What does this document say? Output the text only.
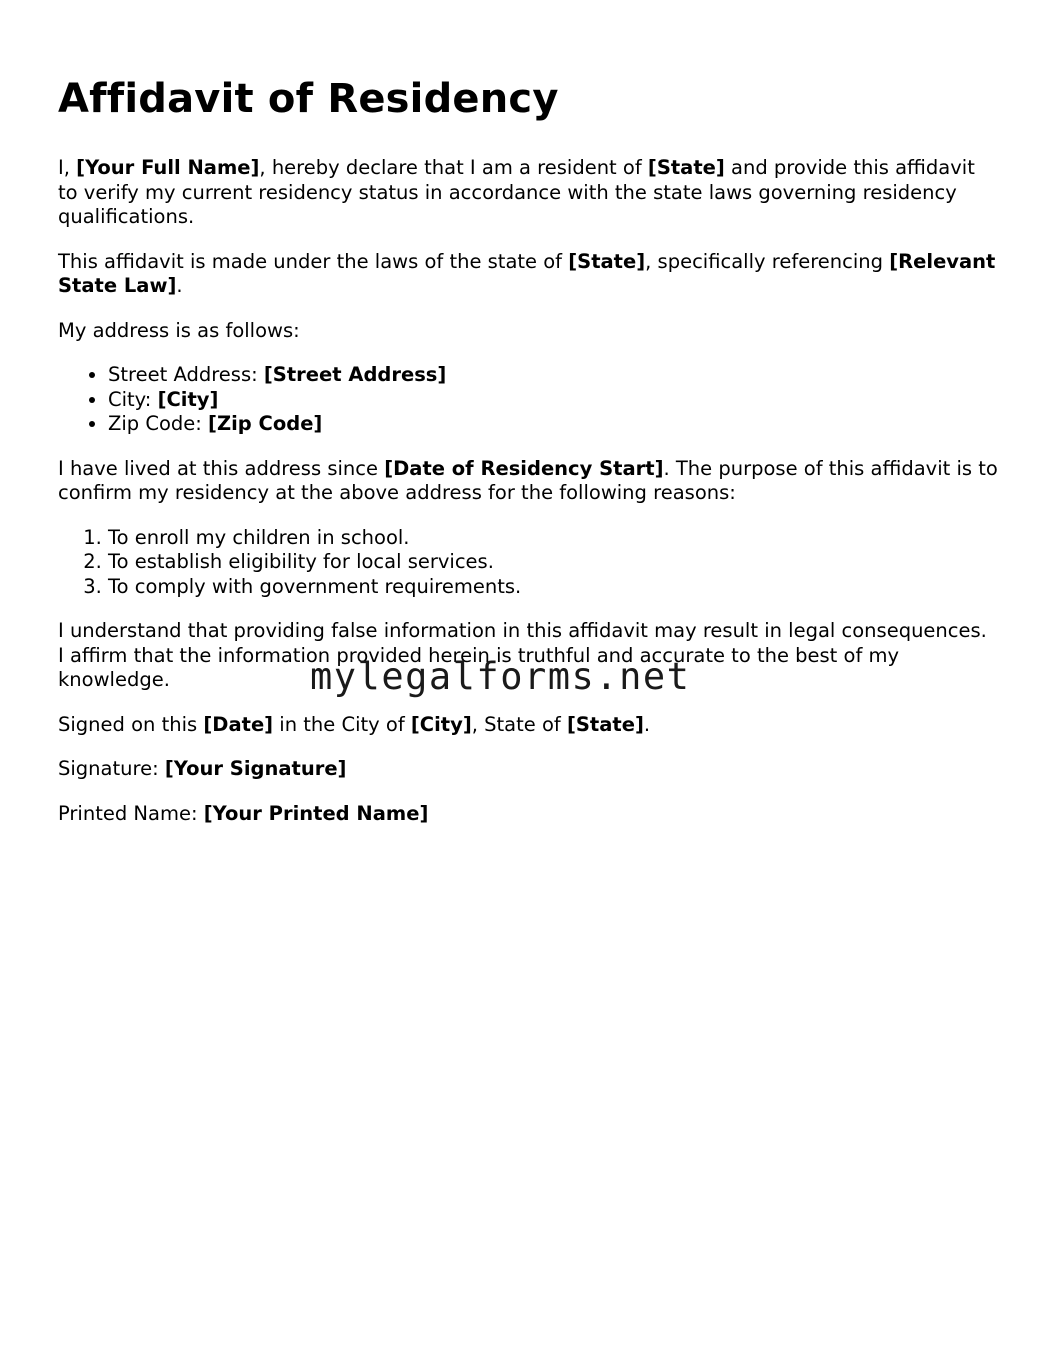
Affidavit of Residency

I, [Your Full Name], hereby declare that I am a resident of [State] and provide this affidavit to verify my current residency status in accordance with the state laws governing residency qualifications.

This affidavit is made under the laws of the state of [State], specifically referencing [Relevant State Law].

My address is as follows:

• Street Address: [Street Address]
• City: [City]
• Zip Code: [Zip Code]

I have lived at this address since [Date of Residency Start]. The purpose of this affidavit is to confirm my residency at the above address for the following reasons:

1. To enroll my children in school.
2. To establish eligibility for local services.
3. To comply with government requirements.

I understand that providing false information in this affidavit may result in legal consequences. I affirm that the information provided herein is truthful and accurate to the best of my knowledge.

Signed on this [Date] in the City of [City], State of [State].

Signature: [Your Signature]

Printed Name: [Your Printed Name]

mylegalforms.net
